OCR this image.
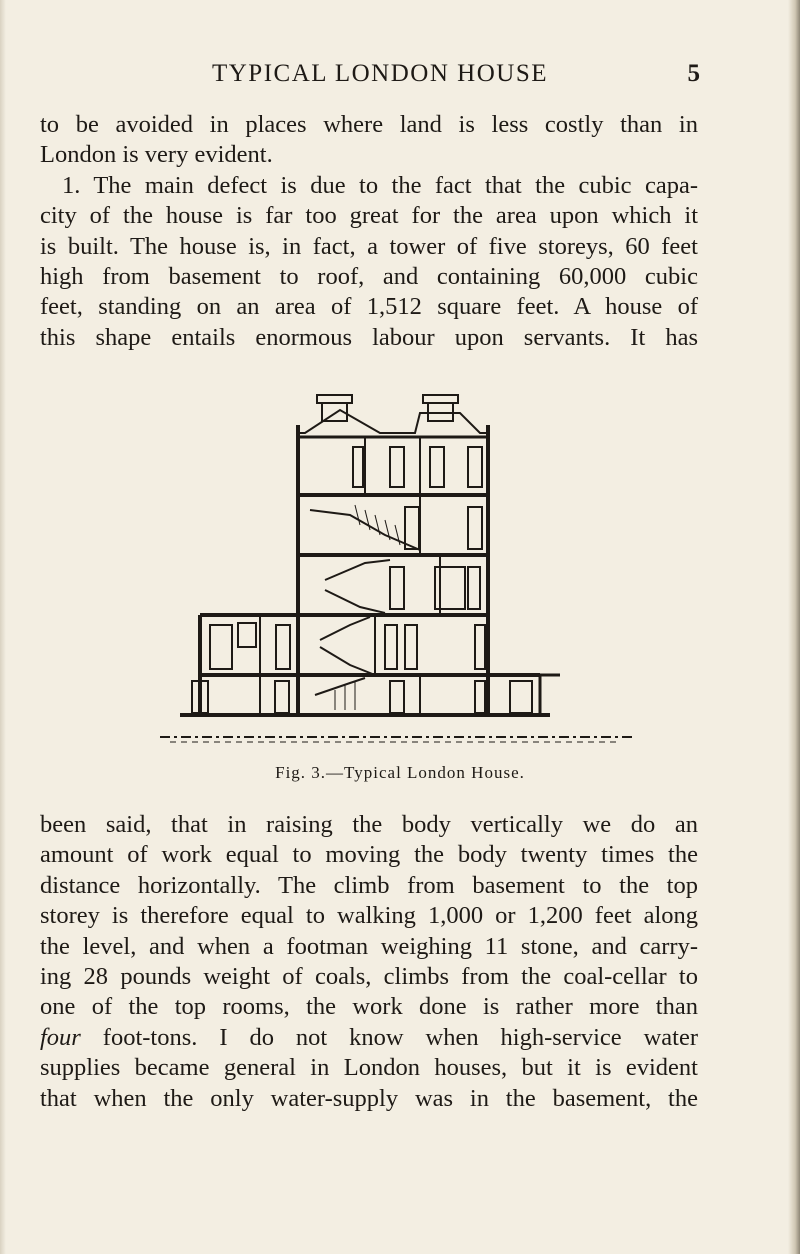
TYPICAL LONDON HOUSE	5
to be avoided in places where land is less costly than in
London is very evident.
1. The main defect is due to the fact that the cubic capa-
city of the house is far too great for the area upon which it
is built. The house is, in fact, a tower of five storeys, 60 feet
high from basement to roof, and containing 60,000 cubic
feet, standing on an area of 1,512 square feet. A house of
this shape entails enormous labour upon servants. It has
Fig. 3.—Typical London House.
been said, that in raising the body vertically we do an
amount of work equal to moving the body twenty times the
distance horizontally. The climb from basement to the top
storey is therefore equal to walking 1,000 or 1,200 feet along
the level, and when a footman weighing 11 stone, and carry-
ing 28 pounds weight of coals, climbs from the coal-cellar to
one of the top rooms, the work done is rather more than
four foot-tons. I do not know when high-service water
supplies became general in London houses, but it is evident
that when the only water-supply was in the basement, the
